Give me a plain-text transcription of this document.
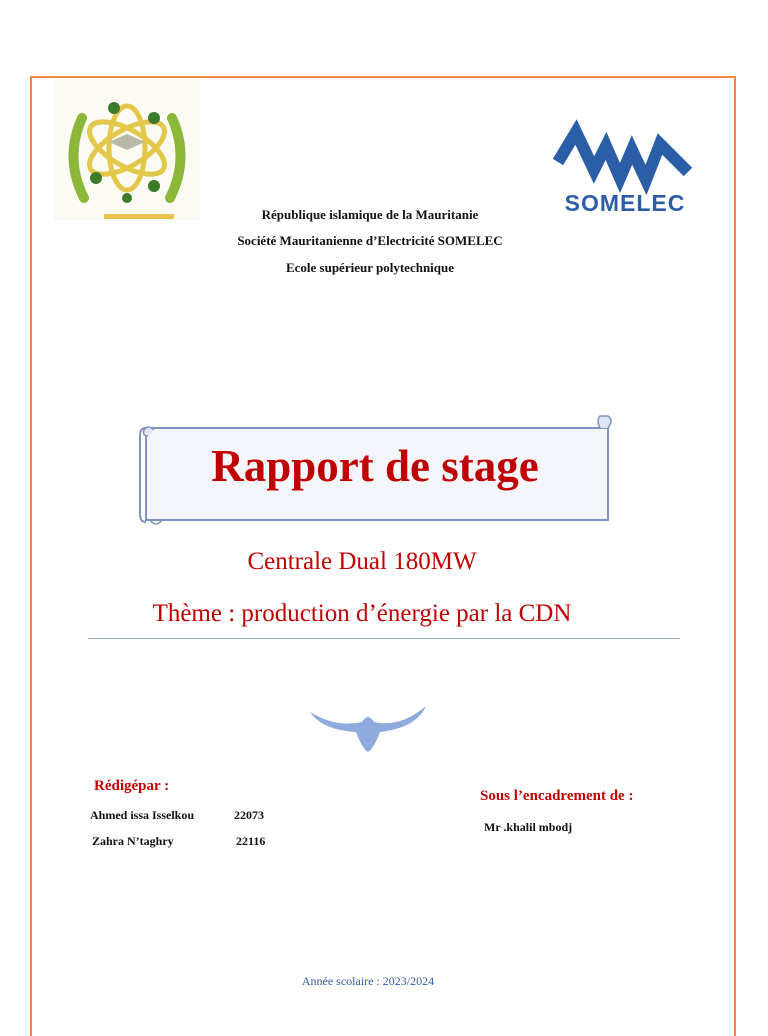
SOMELEC
République islamique de la Mauritanie
Société Mauritanienne d’Electricité SOMELEC
Ecole supérieur polytechnique
Rapport de stage
Centrale Dual 180MW
Thème : production d’énergie par la CDN
Rédigépar :
Ahmed issa Isselkou	22073
Zahra N’taghry	22116
Sous l’encadrement de :
Mr .khalil mbodj
Année scolaire : 2023/2024
